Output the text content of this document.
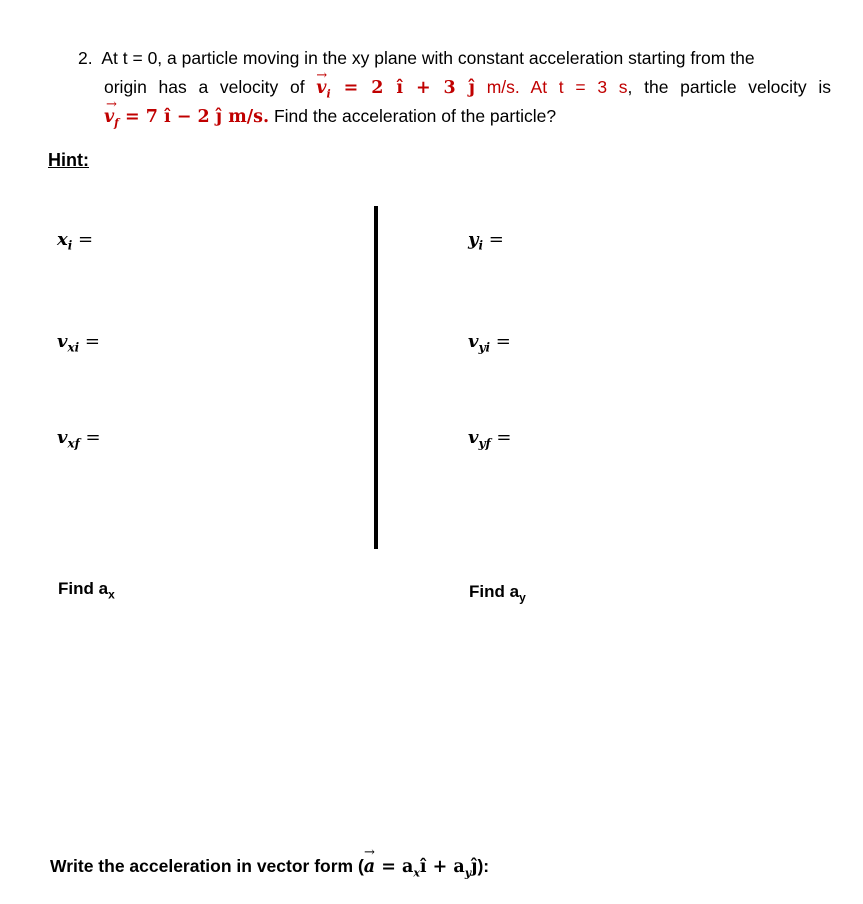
2. At t = 0, a particle moving in the xy plane with constant acceleration starting from the
origin has a velocity of → $v_i = 2$ î + 3 ĵ m/s. At t = 3 s, the particle velocity is
→ $v_f = 7$ î − 2 ĵ m/s. Find the acceleration of the particle?
Hint:
$x_i$ =
$v_{xi}$ =
$v_{xf}$ =
$y_i$ =
$v_{yi}$ =
$v_{yf}$ =
Find $a_x$	Find $a_y$
Write the acceleration in vector form (→ $a = a_xî$ + $a_yĵ$):
